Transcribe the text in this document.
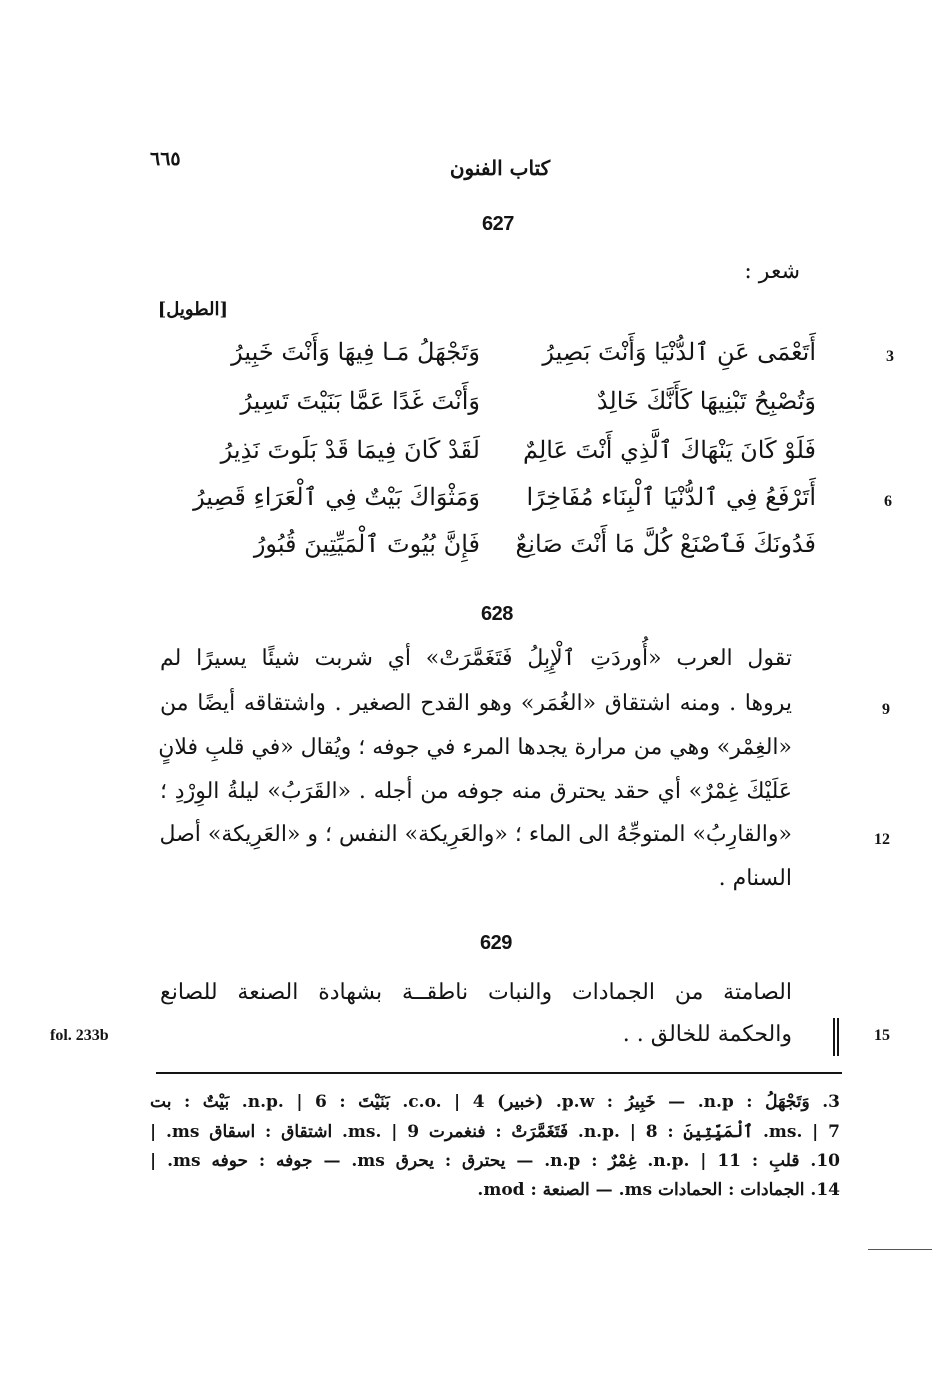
٦٦٥	كتاب الفنون
627
شعر :
[الطويل]
3
أَتَعْمَى عَنِ ٱلدُّنْيَا وَأَنْتَ بَصِيرُ
وَتَجْهَلُ مَـا فِيهَا وَأَنْتَ خَبِيرُ
وَتُصْبِحُ تَبْنِيهَا كَأَنَّكَ خَالِدٌ
وَأَنْتَ غَدًا عَمَّا بَنَيْتَ تَسِيرُ
فَلَوْ كَانَ يَنْهَاكَ ٱلَّذِي أَنْتَ عَالِمٌ
لَقَدْ كَانَ فِيمَا قَدْ بَلَوتَ نَذِيرُ
6
أَتَرْفَعُ فِي ٱلدُّنْيَا ٱلْبِنَاء مُفَاخِرًا
وَمَثْوَاكَ بَيْتٌ فِي ٱلْعَرَاءِ قَصِيرُ
فَدُونَكَ فَٱصْنَعْ كُلَّ مَا أَنْتَ صَانِعٌ
فَإِنَّ بُيُوتَ ٱلْمَيِّتِينَ قُبُورُ
628
تقول العرب «أُوردَتِ ٱلْإِبِلُ فَتَغَمَّرَتْ» أي شربت شيئًا يسيرًا لم
9
يروها . ومنه اشتقاق «الغُمَر» وهو القدح الصغير . واشتقاقه أيضًا من
«الغِمْر» وهي من مرارة يجدها المرء في جوفه ؛ ويُقال «في قلبِ فلانٍ
عَلَيْكَ غِمْرٌ» أي حقد يحترق منه جوفه من أجله . «القَرَبُ» ليلةُ الوِرْدِ ؛
12
«والقارِبُ» المتوجِّهُ الى الماء ؛ «والعَرِيكة» النفس ؛ و «العَرِيكة» أصل
السنام .
629
الصامتة من الجمادات والنبات ناطقــة بشهادة الصنعة للصانع
fol. 233b	15
والحكمة للخالق . .
3. وَتَجْهَلُ : n.p. — خَبِيرُ : p.w. (خبير) c.o. | 4. بَنَيْتَ : n.p. | 6. بَيْتٌ : بت
ms. | 7. ٱلْمَيِّتِينَ : n.p. | 8. فَتَغَمَّرَتْ : فنغمرت ms. | 9. اشتقاق : اسقاق ms. |
10. قلبِ : n.p. | 11. غِمْرٌ : n.p. — يحترق : يحرق ms. — جوفه : حوفه ms. |
14. الجمادات : الحمادات ms. — الصنعة : mod.
